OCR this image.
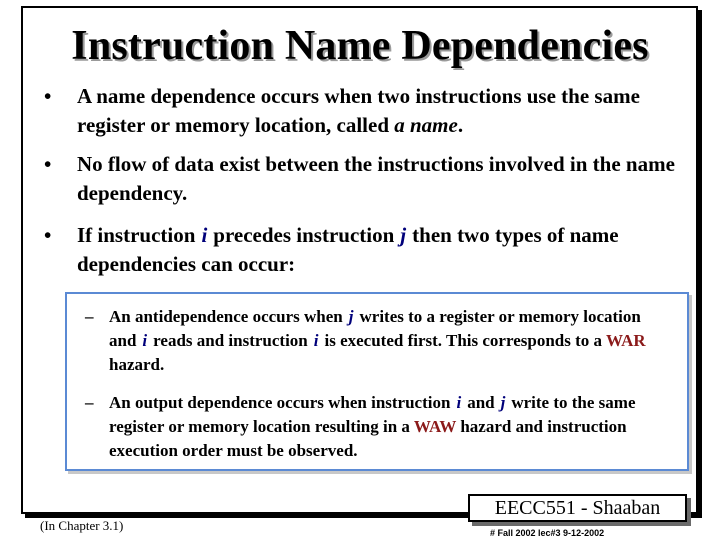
Instruction Name Dependencies
• A name dependence occurs when two instructions use the same register or memory location, called a name.
• No flow of data exist between the instructions involved in the name dependency.
• If instruction i precedes instruction j then two types of name dependencies can occur:
– An antidependence occurs when j writes to a register or memory location and i reads and instruction i is executed first. This corresponds to a WAR hazard.
– An output dependence occurs when instruction i and j write to the same register or memory location resulting in a WAW hazard and instruction execution order must be observed.
(In Chapter 3.1)
EECC551 - Shaaban
# Fall 2002 lec#3 9-12-2002
